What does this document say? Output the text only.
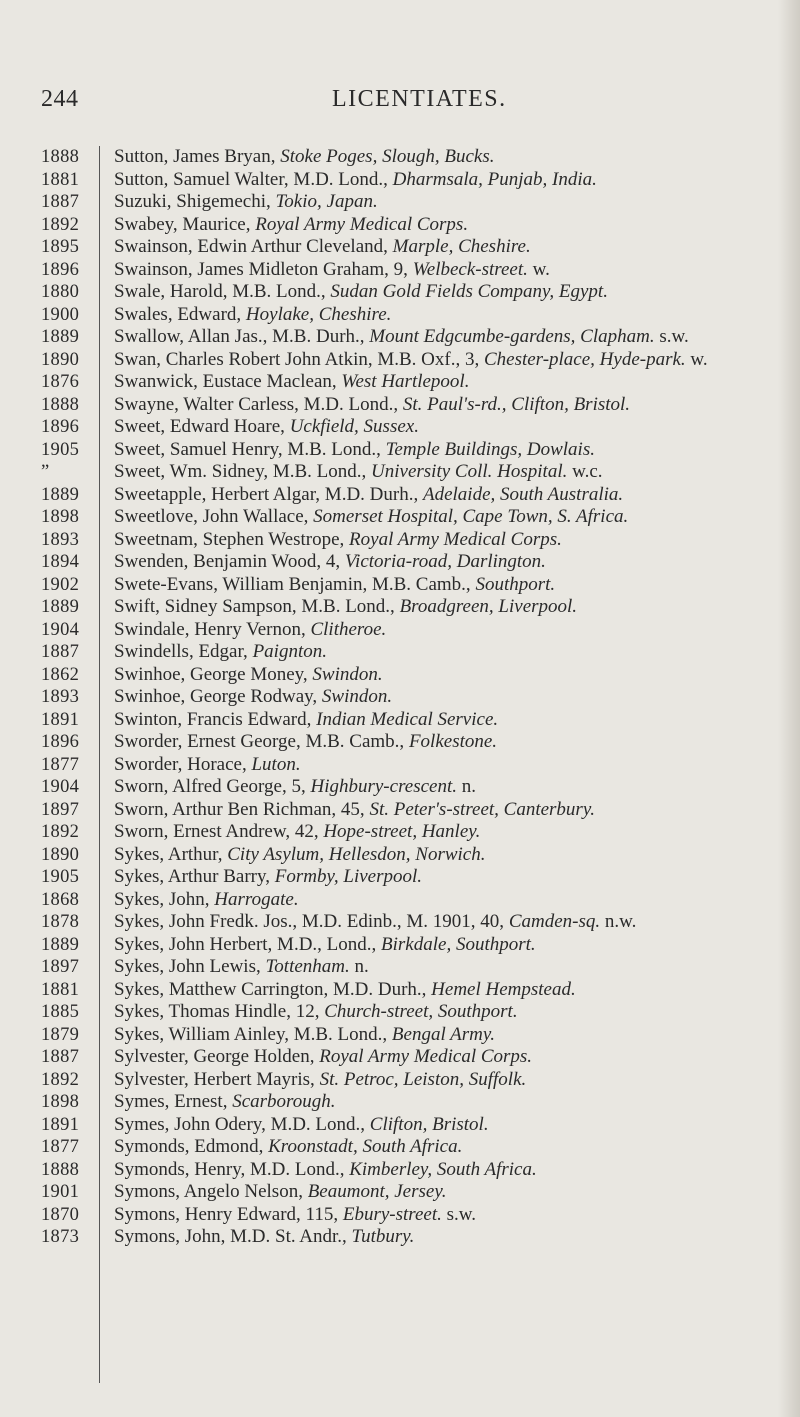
244	LICENTIATES.
1888	Sutton, James Bryan, Stoke Poges, Slough, Bucks.
1881	Sutton, Samuel Walter, M.D. Lond., Dharmsala, Punjab, India.
1887	Suzuki, Shigemechi, Tokio, Japan.
1892	Swabey, Maurice, Royal Army Medical Corps.
1895	Swainson, Edwin Arthur Cleveland, Marple, Cheshire.
1896	Swainson, James Midleton Graham, 9, Welbeck-street. w.
1880	Swale, Harold, M.B. Lond., Sudan Gold Fields Company, Egypt.
1900	Swales, Edward, Hoylake, Cheshire.
1889	Swallow, Allan Jas., M.B. Durh., Mount Edgcumbe-gardens, Clapham. s.w.
1890	Swan, Charles Robert John Atkin, M.B. Oxf., 3, Chester-place, Hyde-park. w.
1876	Swanwick, Eustace Maclean, West Hartlepool.
1888	Swayne, Walter Carless, M.D. Lond., St. Paul's-rd., Clifton, Bristol.
1896	Sweet, Edward Hoare, Uckfield, Sussex.
1905	Sweet, Samuel Henry, M.B. Lond., Temple Buildings, Dowlais.
”	Sweet, Wm. Sidney, M.B. Lond., University Coll. Hospital. w.c.
1889	Sweetapple, Herbert Algar, M.D. Durh., Adelaide, South Australia.
1898	Sweetlove, John Wallace, Somerset Hospital, Cape Town, S. Africa.
1893	Sweetnam, Stephen Westrope, Royal Army Medical Corps.
1894	Swenden, Benjamin Wood, 4, Victoria-road, Darlington.
1902	Swete-Evans, William Benjamin, M.B. Camb., Southport.
1889	Swift, Sidney Sampson, M.B. Lond., Broadgreen, Liverpool.
1904	Swindale, Henry Vernon, Clitheroe.
1887	Swindells, Edgar, Paignton.
1862	Swinhoe, George Money, Swindon.
1893	Swinhoe, George Rodway, Swindon.
1891	Swinton, Francis Edward, Indian Medical Service.
1896	Sworder, Ernest George, M.B. Camb., Folkestone.
1877	Sworder, Horace, Luton.
1904	Sworn, Alfred George, 5, Highbury-crescent. n.
1897	Sworn, Arthur Ben Richman, 45, St. Peter's-street, Canterbury.
1892	Sworn, Ernest Andrew, 42, Hope-street, Hanley.
1890	Sykes, Arthur, City Asylum, Hellesdon, Norwich.
1905	Sykes, Arthur Barry, Formby, Liverpool.
1868	Sykes, John, Harrogate.
1878	Sykes, John Fredk. Jos., M.D. Edinb., M. 1901, 40, Camden-sq. n.w.
1889	Sykes, John Herbert, M.D., Lond., Birkdale, Southport.
1897	Sykes, John Lewis, Tottenham. n.
1881	Sykes, Matthew Carrington, M.D. Durh., Hemel Hempstead.
1885	Sykes, Thomas Hindle, 12, Church-street, Southport.
1879	Sykes, William Ainley, M.B. Lond., Bengal Army.
1887	Sylvester, George Holden, Royal Army Medical Corps.
1892	Sylvester, Herbert Mayris, St. Petroc, Leiston, Suffolk.
1898	Symes, Ernest, Scarborough.
1891	Symes, John Odery, M.D. Lond., Clifton, Bristol.
1877	Symonds, Edmond, Kroonstadt, South Africa.
1888	Symonds, Henry, M.D. Lond., Kimberley, South Africa.
1901	Symons, Angelo Nelson, Beaumont, Jersey.
1870	Symons, Henry Edward, 115, Ebury-street. s.w.
1873	Symons, John, M.D. St. Andr., Tutbury.
